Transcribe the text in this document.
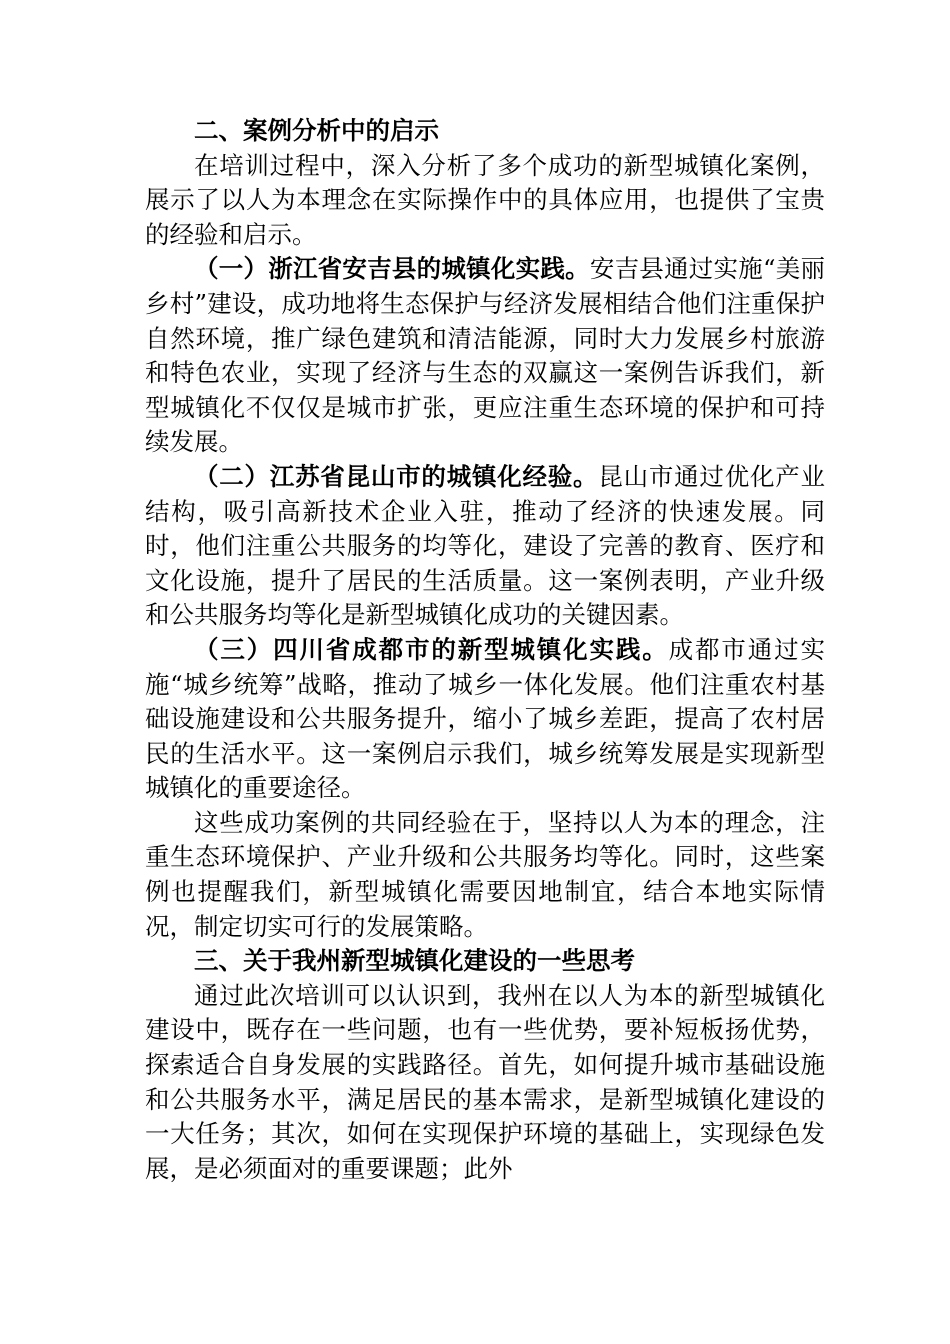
二、案例分析中的启示

在培训过程中，深入分析了多个成功的新型城镇化案例，展示了以人为本理念在实际操作中的具体应用，也提供了宝贵的经验和启示。

（一）浙江省安吉县的城镇化实践。安吉县通过实施“美丽乡村”建设，成功地将生态保护与经济发展相结合他们注重保护自然环境，推广绿色建筑和清洁能源，同时大力发展乡村旅游和特色农业，实现了经济与生态的双赢这一案例告诉我们，新型城镇化不仅仅是城市扩张，更应注重生态环境的保护和可持续发展。

（二）江苏省昆山市的城镇化经验。昆山市通过优化产业结构，吸引高新技术企业入驻，推动了经济的快速发展。同时，他们注重公共服务的均等化，建设了完善的教育、医疗和文化设施，提升了居民的生活质量。这一案例表明，产业升级和公共服务均等化是新型城镇化成功的关键因素。

（三）四川省成都市的新型城镇化实践。成都市通过实施“城乡统筹”战略，推动了城乡一体化发展。他们注重农村基础设施建设和公共服务提升，缩小了城乡差距，提高了农村居民的生活水平。这一案例启示我们，城乡统筹发展是实现新型城镇化的重要途径。

这些成功案例的共同经验在于，坚持以人为本的理念，注重生态环境保护、产业升级和公共服务均等化。同时，这些案例也提醒我们，新型城镇化需要因地制宜，结合本地实际情况，制定切实可行的发展策略。

三、关于我州新型城镇化建设的一些思考

通过此次培训可以认识到，我州在以人为本的新型城镇化建设中，既存在一些问题，也有一些优势，要补短板扬优势，探索适合自身发展的实践路径。首先，如何提升城市基础设施和公共服务水平，满足居民的基本需求，是新型城镇化建设的一大任务；其次，如何在实现保护环境的基础上，实现绿色发展，是必须面对的重要课题；此外
